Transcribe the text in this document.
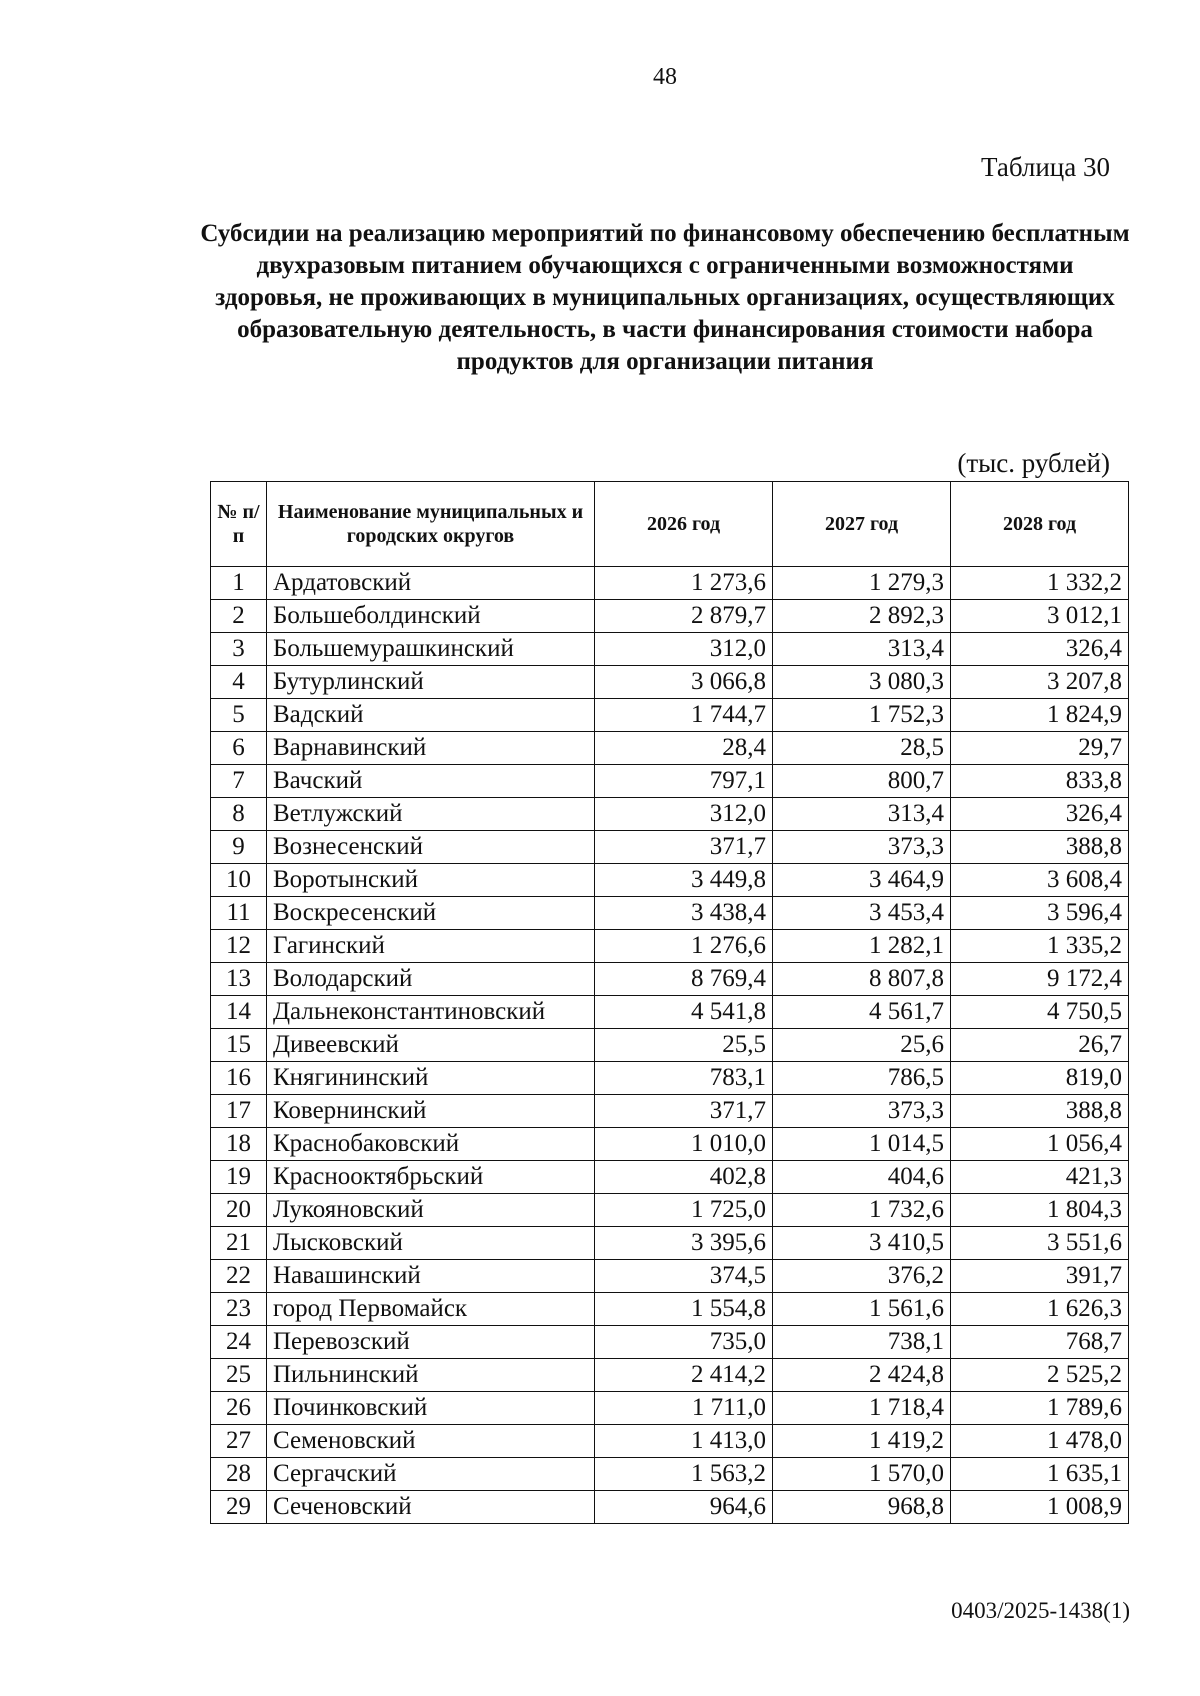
48
Таблица 30
Субсидии на реализацию мероприятий по финансовому обеспечению бесплатным двухразовым питанием обучающихся с ограниченными возможностями здоровья, не проживающих в муниципальных организациях, осуществляющих образовательную деятельность, в части финансирования стоимости набора продуктов для организации питания
(тыс. рублей)
№ п/п	Наименование муниципальных и городских округов	2026 год	2027 год	2028 год
1	Ардатовский	1 273,6	1 279,3	1 332,2
2	Большеболдинский	2 879,7	2 892,3	3 012,1
3	Большемурашкинский	312,0	313,4	326,4
4	Бутурлинский	3 066,8	3 080,3	3 207,8
5	Вадский	1 744,7	1 752,3	1 824,9
6	Варнавинский	28,4	28,5	29,7
7	Вачский	797,1	800,7	833,8
8	Ветлужский	312,0	313,4	326,4
9	Вознесенский	371,7	373,3	388,8
10	Воротынский	3 449,8	3 464,9	3 608,4
11	Воскресенский	3 438,4	3 453,4	3 596,4
12	Гагинский	1 276,6	1 282,1	1 335,2
13	Володарский	8 769,4	8 807,8	9 172,4
14	Дальнеконстантиновский	4 541,8	4 561,7	4 750,5
15	Дивеевский	25,5	25,6	26,7
16	Княгининский	783,1	786,5	819,0
17	Ковернинский	371,7	373,3	388,8
18	Краснобаковский	1 010,0	1 014,5	1 056,4
19	Краснооктябрьский	402,8	404,6	421,3
20	Лукояновский	1 725,0	1 732,6	1 804,3
21	Лысковский	3 395,6	3 410,5	3 551,6
22	Навашинский	374,5	376,2	391,7
23	город Первомайск	1 554,8	1 561,6	1 626,3
24	Перевозский	735,0	738,1	768,7
25	Пильнинский	2 414,2	2 424,8	2 525,2
26	Починковский	1 711,0	1 718,4	1 789,6
27	Семеновский	1 413,0	1 419,2	1 478,0
28	Сергачский	1 563,2	1 570,0	1 635,1
29	Сеченовский	964,6	968,8	1 008,9
0403/2025-1438(1)
